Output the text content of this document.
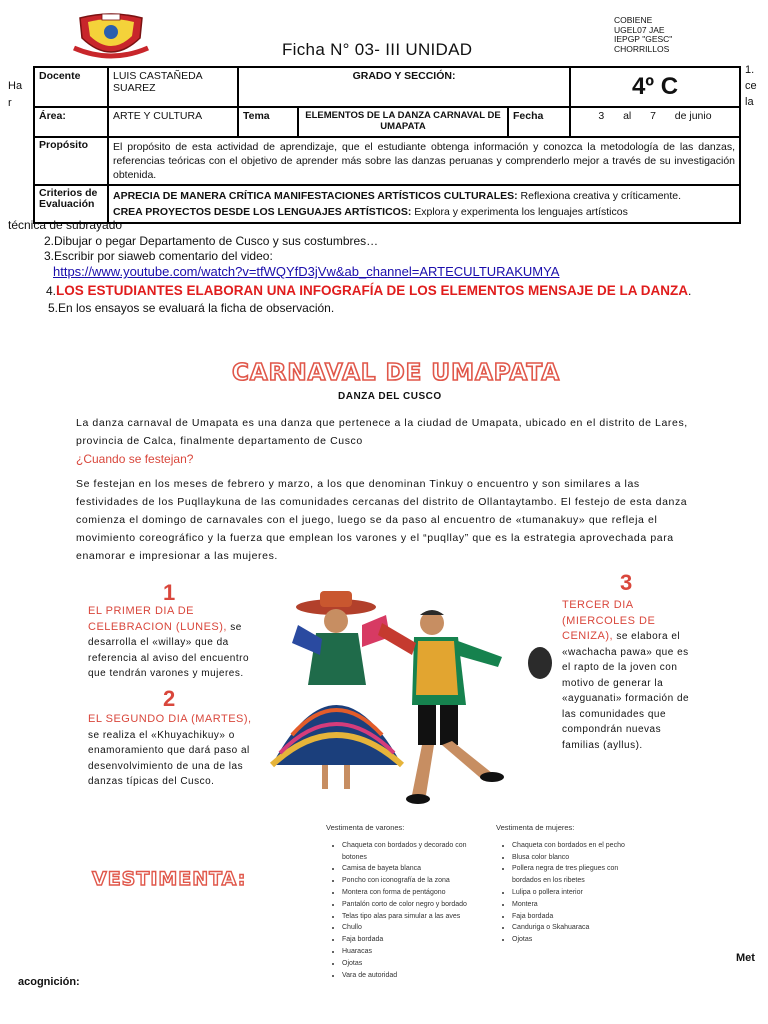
Ficha N° 03- III UNIDAD
COBIENE
UGEL07 JAE
IEPGP "GESC"
CHORRILLOS
Ha r
1. ce la
Docente	LUIS CASTAÑEDA SUAREZ	GRADO Y SECCIÓN:			4º C

Área:	ARTE Y CULTURA	Tema	ELEMENTOS DE LA DANZA CARNAVAL DE UMAPATA	Fecha	3 al 7 de junio

Propósito	El propósito de esta actividad de aprendizaje, que el estudiante obtenga información y conozca la metodología de las danzas, referencias teóricas con el objetivo de aprender más sobre las danzas peruanas y comprenderlo mejor a través de su investigación obtenida.				
Criterios de Evaluación	APRECIA DE MANERA CRÍTICA MANIFESTACIONES ARTÍSTICOS CULTURALES: Reflexiona creativa y críticamente.
CREA PROYECTOS DESDE LOS LENGUAJES ARTÍSTICOS: Explora y experimenta los lenguajes artísticos				
técnica de subrayado
2.Dibujar o pegar Departamento de Cusco y sus costumbres…
3.Escribir por siaweb comentario del video:
https://www.youtube.com/watch?v=tfWQYfD3jVw&ab_channel=ARTECULTURAKUMYA
4.LOS ESTUDIANTES ELABORAN UNA INFOGRAFÍA DE LOS ELEMENTOS MENSAJE DE LA DANZA.
5.En los ensayos se evaluará la ficha de observación.
CARNAVAL DE UMAPATA
DANZA DEL CUSCO
La danza carnaval de Umapata es una danza que pertenece a la ciudad de Umapata, ubicado en el distrito de Lares, provincia de Calca, finalmente departamento de Cusco
¿Cuando se festejan?
Se festejan en los meses de febrero y marzo, a los que denominan Tinkuy o encuentro y son similares a las festividades de los Puqllaykuna de las comunidades cercanas del distrito de Ollantaytambo. El festejo de esta danza comienza el domingo de carnavales con el juego, luego se da paso al encuentro de «tumanakuy» que refleja el movimiento coreográfico y la fuerza que emplean los varones y el “puqllay” que es la estrategia aprovechada para enamorar e impresionar a las mujeres.
1
EL PRIMER DIA DE CELEBRACION (LUNES), se desarrolla el «willay» que da referencia al aviso del encuentro que tendrán varones y mujeres.
2
EL SEGUNDO DIA (MARTES), se realiza el «Khuyachikuy» o enamoramiento que dará paso al desenvolvimiento de una de las danzas típicas del Cusco.
3
TERCER DIA (MIERCOLES DE CENIZA), se elabora el «wachacha pawa» que es el rapto de la joven con motivo de generar la «ayguanati» formación de las comunidades que compondrán nuevas familias (ayllus).
VESTIMENTA:
Vestimenta de varones:
• Chaqueta con bordados y decorado con botones
• Camisa de bayeta blanca
• Poncho con iconografía de la zona
• Montera con forma de pentágono
• Pantalón corto de color negro y bordado
• Telas tipo alas para simular a las aves
• Chullo
• Faja bordada
• Huaracas
• Ojotas
• Vara de autoridad
Vestimenta de mujeres:
• Chaqueta con bordados en el pecho
• Blusa color blanco
• Pollera negra de tres pliegues con bordados en los ribetes
• Lulipa o pollera interior
• Montera
• Faja bordada
• Canduriga o Skahuaraca
• Ojotas
Met
acognición:
